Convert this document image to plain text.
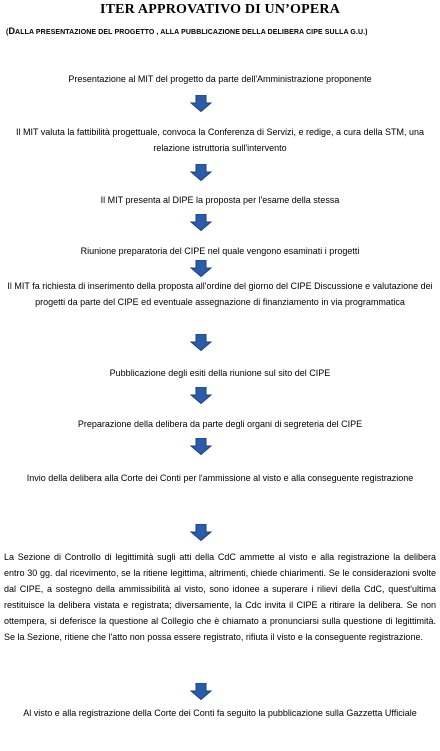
ITER APPROVATIVO DI UN’OPERA
(DALLA PRESENTAZIONE DEL PROGETTO , ALLA PUBBLICAZIONE DELLA DELIBERA CIPE SULLA G.U.)
Presentazione al MIT del progetto da parte dell'Amministrazione proponente
Il MIT valuta la fattibilità progettuale, convoca la Conferenza di Servizi, e redige, a cura della STM, una relazione istruttoria sull'intervento
Il MIT presenta al DIPE la proposta per l'esame della stessa
Riunione preparatoria del CIPE nel quale vengono esaminati i progetti
Il MIT fa richiesta di inserimento della proposta all'ordine del giorno del CIPE Discussione e valutazione dei progetti da parte del CIPE ed eventuale assegnazione di finanziamento in via programmatica
Pubblicazione degli esiti della riunione sul sito del CIPE
Preparazione della delibera da parte degli organi di segreteria del CIPE
Invio della delibera alla Corte dei Conti per l'ammissione al visto e alla conseguente registrazione
La Sezione di Controllo di legittimità sugli atti della CdC ammette al visto e alla registrazione la delibera entro 30 gg. dal ricevimento, se la ritiene legittima, altrimenti, chiede chiarimenti. Se le considerazioni svolte dal CIPE, a sostegno della ammissibilità al visto, sono idonee a superare i rilievi della CdC, quest'ultima restituisce la delibera vistata e registrata; diversamente, la Cdc invita il CIPE a ritirare la delibera. Se non ottempera, si deferisce la questione al Collegio che è chiamato a pronunciarsi sulla questione di legittimità. Se la Sezione, ritiene che l'atto non possa essere registrato, rifiuta il visto e la conseguente registrazione.
Al visto e alla registrazione della Corte dei Conti fa seguito la pubblicazione sulla Gazzetta Ufficiale
